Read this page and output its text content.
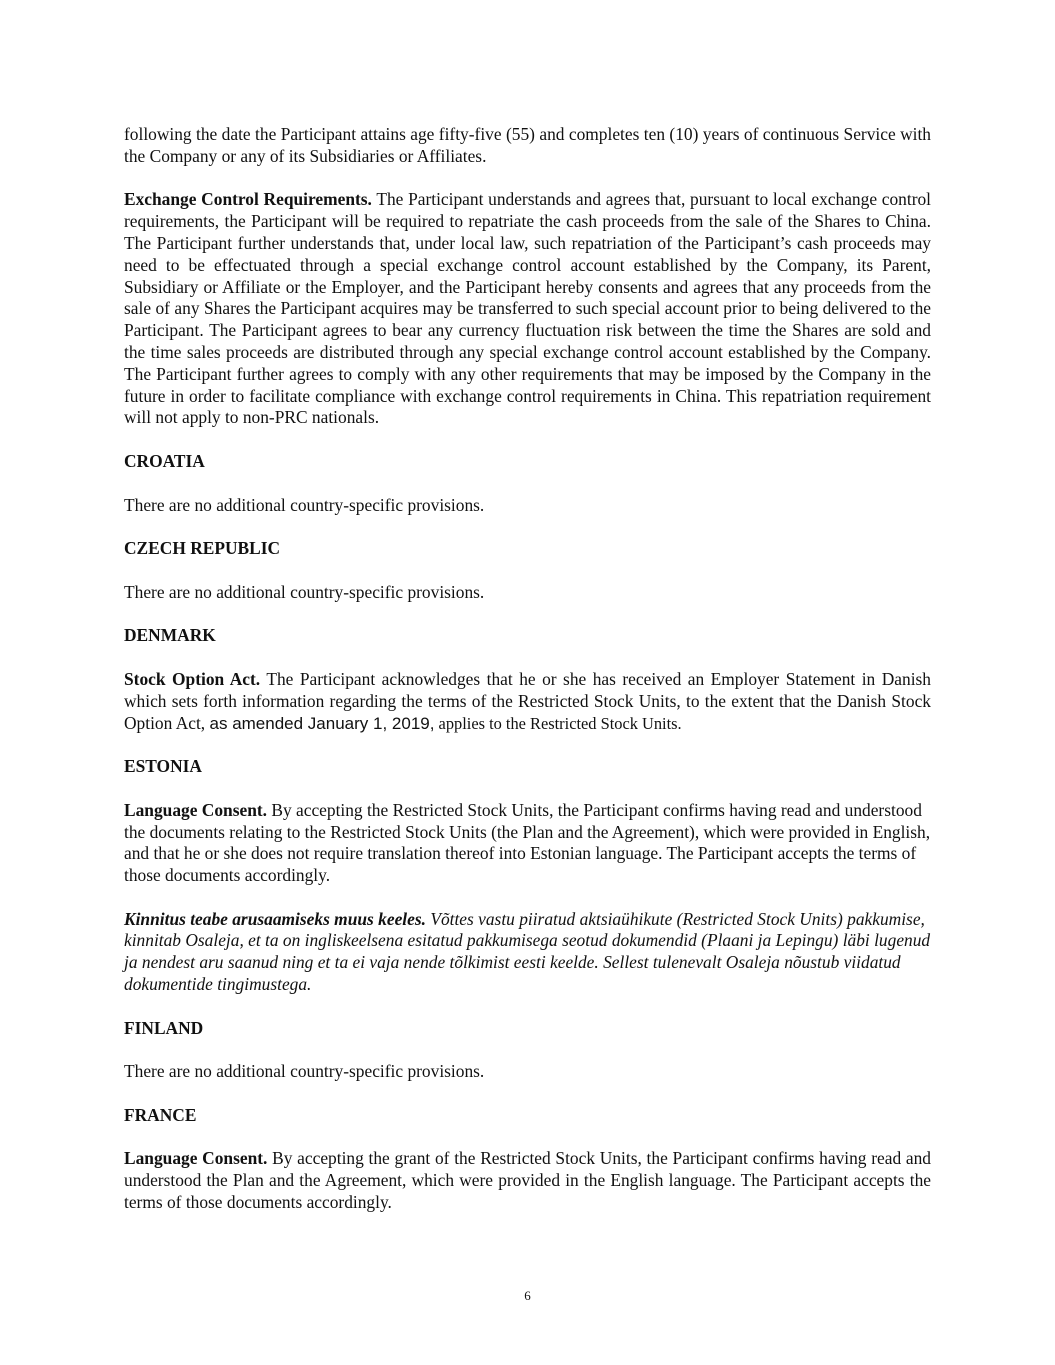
following the date the Participant attains age fifty-five (55) and completes ten (10) years of continuous Service with the Company or any of its Subsidiaries or Affiliates.

Exchange Control Requirements. The Participant understands and agrees that, pursuant to local exchange control requirements, the Participant will be required to repatriate the cash proceeds from the sale of the Shares to China. The Participant further understands that, under local law, such repatriation of the Participant’s cash proceeds may need to be effectuated through a special exchange control account established by the Company, its Parent, Subsidiary or Affiliate or the Employer, and the Participant hereby consents and agrees that any proceeds from the sale of any Shares the Participant acquires may be transferred to such special account prior to being delivered to the Participant. The Participant agrees to bear any currency fluctuation risk between the time the Shares are sold and the time sales proceeds are distributed through any special exchange control account established by the Company. The Participant further agrees to comply with any other requirements that may be imposed by the Company in the future in order to facilitate compliance with exchange control requirements in China. This repatriation requirement will not apply to non-PRC nationals.

CROATIA

There are no additional country-specific provisions.

CZECH REPUBLIC

There are no additional country-specific provisions.

DENMARK

Stock Option Act. The Participant acknowledges that he or she has received an Employer Statement in Danish which sets forth information regarding the terms of the Restricted Stock Units, to the extent that the Danish Stock Option Act, as amended January 1, 2019, applies to the Restricted Stock Units.

ESTONIA

Language Consent. By accepting the Restricted Stock Units, the Participant confirms having read and understood the documents relating to the Restricted Stock Units (the Plan and the Agreement), which were provided in English, and that he or she does not require translation thereof into Estonian language. The Participant accepts the terms of those documents accordingly.

Kinnitus teabe arusaamiseks muus keeles. Võttes vastu piiratud aktsiaühikute (Restricted Stock Units) pakkumise, kinnitab Osaleja, et ta on ingliskeelsena esitatud pakkumisega seotud dokumendid (Plaani ja Lepingu) läbi lugenud ja nendest aru saanud ning et ta ei vaja nende tõlkimist eesti keelde. Sellest tulenevalt Osaleja nõustub viidatud dokumentide tingimustega.

FINLAND

There are no additional country-specific provisions.

FRANCE

Language Consent. By accepting the grant of the Restricted Stock Units, the Participant confirms having read and understood the Plan and the Agreement, which were provided in the English language. The Participant accepts the terms of those documents accordingly.

6
